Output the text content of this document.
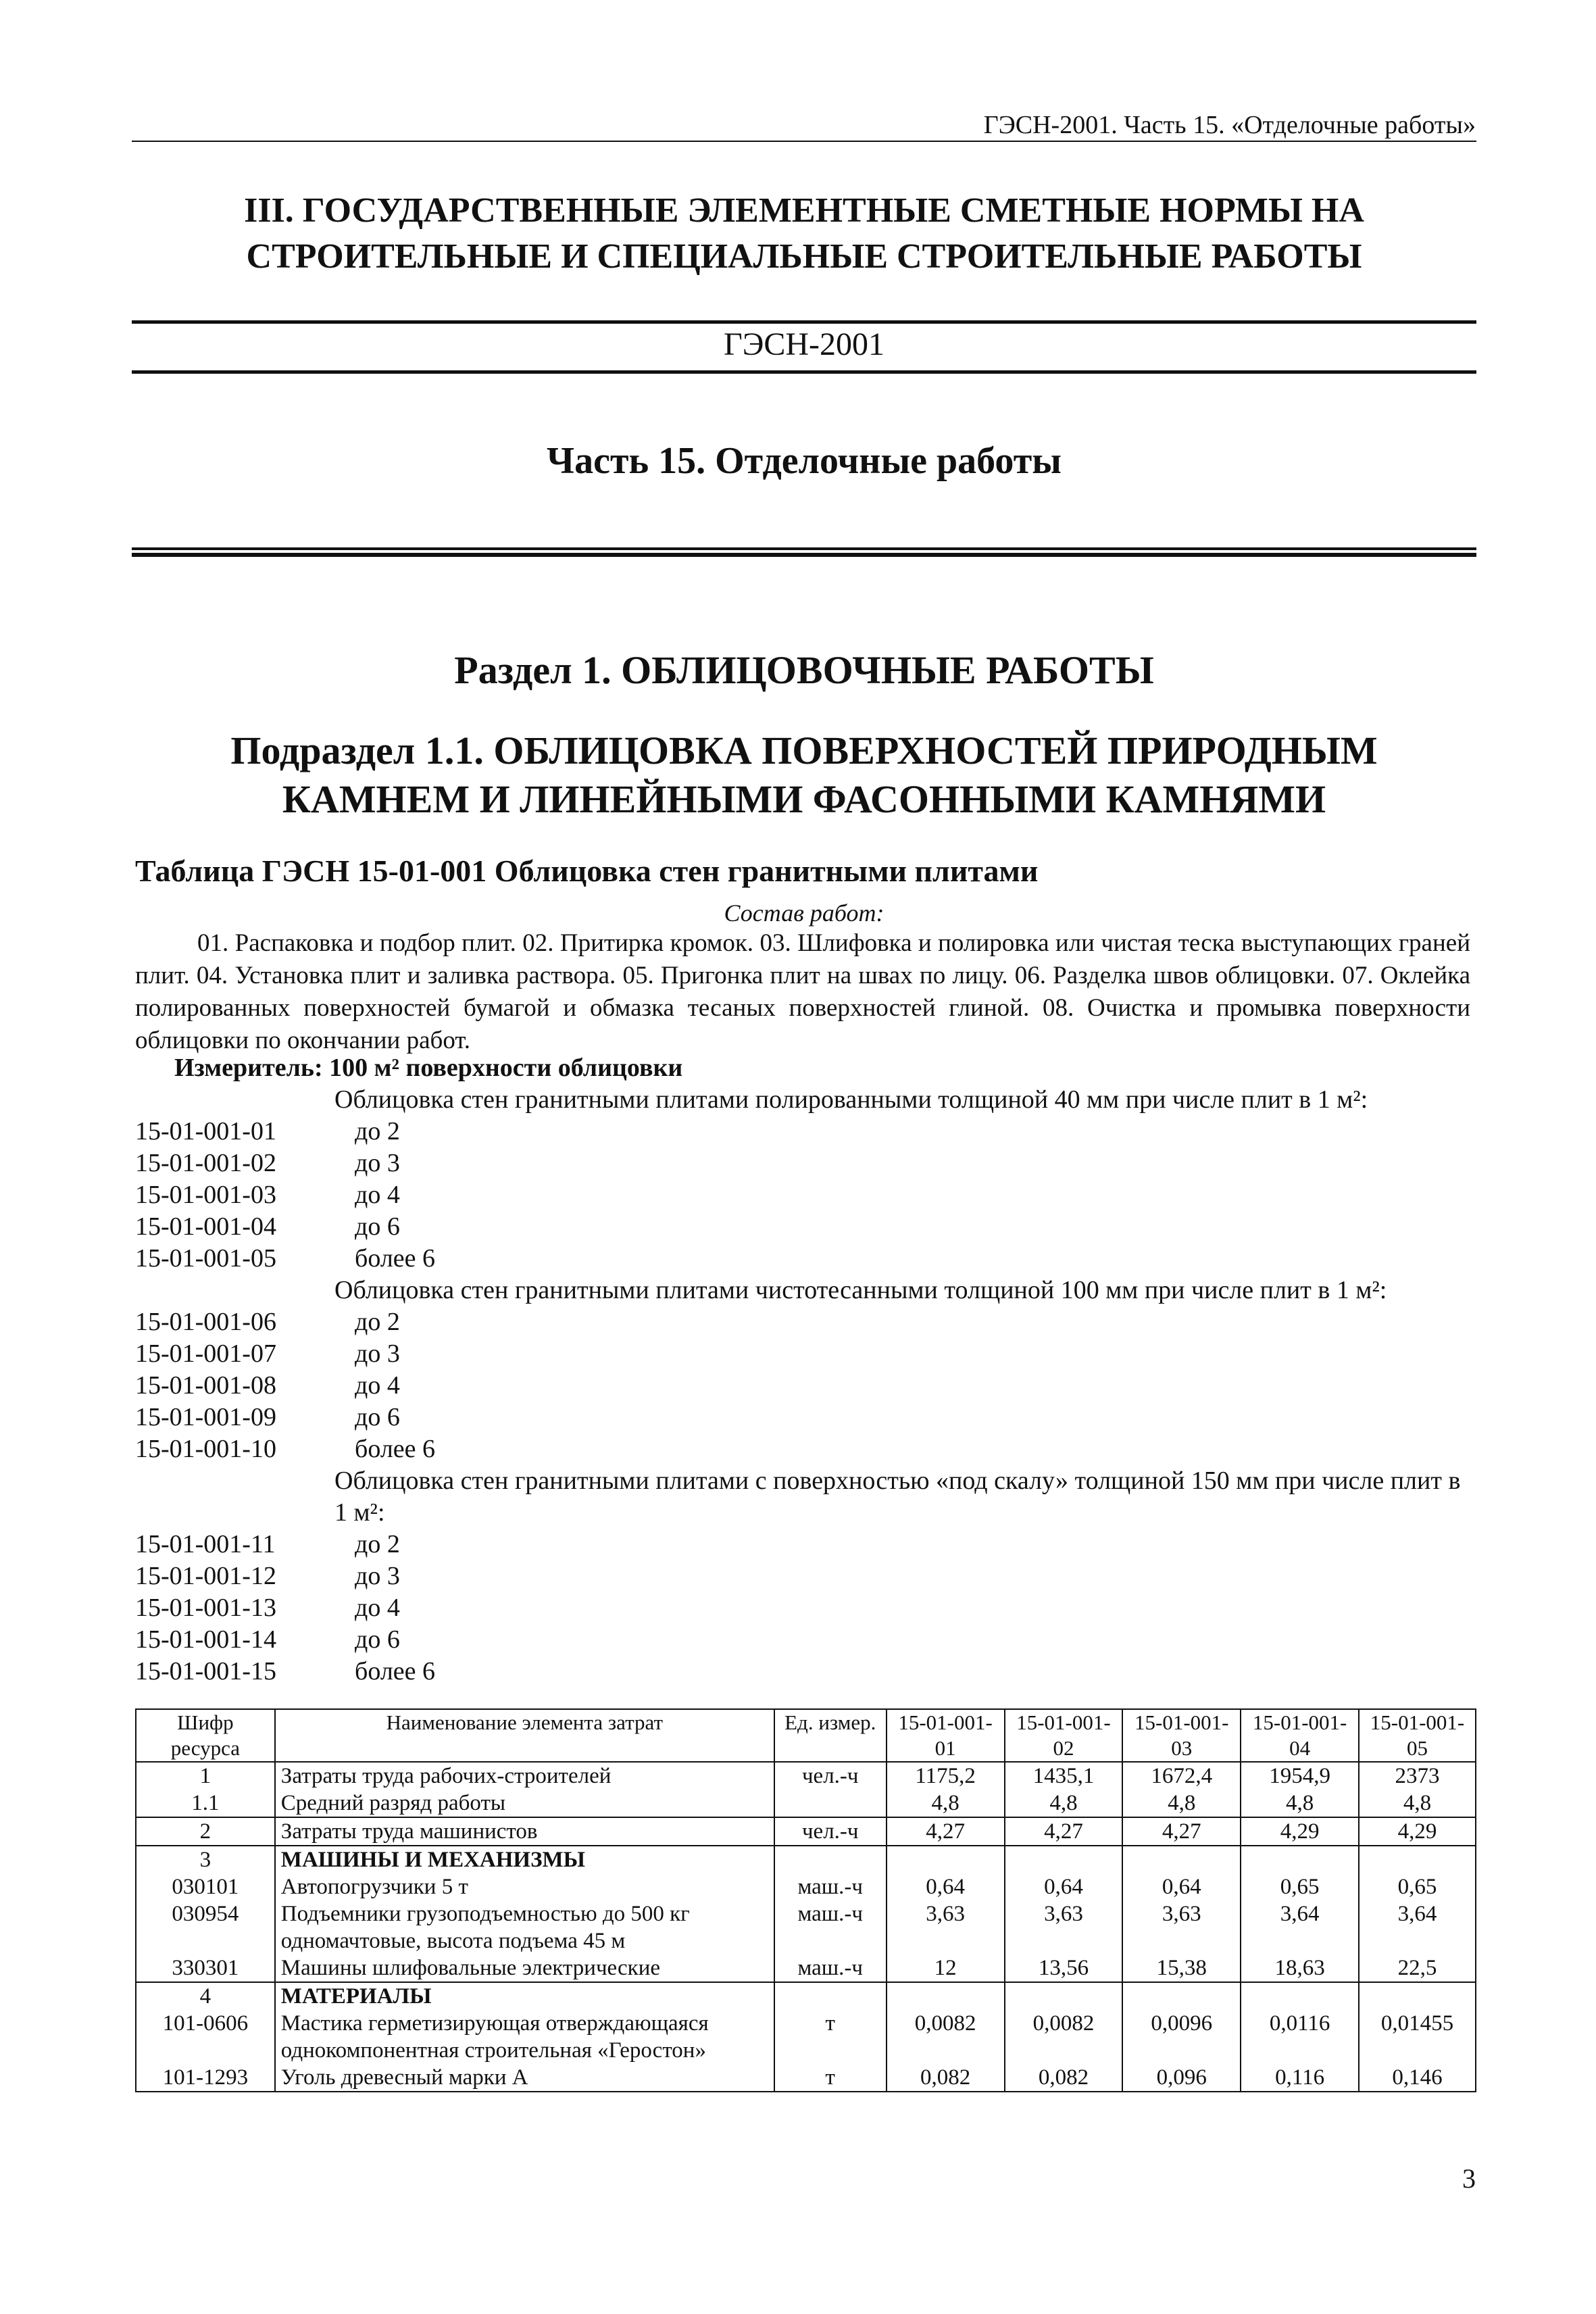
ГЭСН-2001. Часть 15. «Отделочные работы»
III. ГОСУДАРСТВЕННЫЕ ЭЛЕМЕНТНЫЕ СМЕТНЫЕ НОРМЫ НА
СТРОИТЕЛЬНЫЕ И СПЕЦИАЛЬНЫЕ СТРОИТЕЛЬНЫЕ РАБОТЫ
ГЭСН-2001
Часть 15. Отделочные работы
Раздел 1. ОБЛИЦОВОЧНЫЕ РАБОТЫ
Подраздел 1.1. ОБЛИЦОВКА ПОВЕРХНОСТЕЙ ПРИРОДНЫМ
КАМНЕМ И ЛИНЕЙНЫМИ ФАСОННЫМИ КАМНЯМИ
Таблица ГЭСН 15-01-001 Облицовка стен гранитными плитами
Состав работ:
01. Распаковка и подбор плит. 02. Притирка кромок. 03. Шлифовка и полировка или чистая теска выступающих граней плит. 04. Установка плит и заливка раствора. 05. Пригонка плит на швах по лицу. 06. Разделка швов облицовки. 07. Оклейка полированных поверхностей бумагой и обмазка тесаных поверхностей глиной. 08. Очистка и промывка поверхности облицовки по окончании работ.
Измеритель: 100 м² поверхности облицовки
Облицовка стен гранитными плитами полированными толщиной 40 мм при числе плит в 1 м²:
15-01-001-01	до 2
15-01-001-02	до 3
15-01-001-03	до 4
15-01-001-04	до 6
15-01-001-05	более 6
Облицовка стен гранитными плитами чистотесанными толщиной 100 мм при числе плит в 1 м²:
15-01-001-06	до 2
15-01-001-07	до 3
15-01-001-08	до 4
15-01-001-09	до 6
15-01-001-10	более 6
Облицовка стен гранитными плитами с поверхностью «под скалу» толщиной 150 мм при числе плит в 1 м²:
15-01-001-11	до 2
15-01-001-12	до 3
15-01-001-13	до 4
15-01-001-14	до 6
15-01-001-15	более 6
Шифр ресурса	Наименование элемента затрат	Ед. измер.	15-01-001-01	15-01-001-02	15-01-001-03	15-01-001-04	15-01-001-05
1	Затраты труда рабочих-строителей	чел.-ч	1175,2	1435,1	1672,4	1954,9	2373
1.1	Средний разряд работы		4,8	4,8	4,8	4,8	4,8
2	Затраты труда машинистов	чел.-ч	4,27	4,27	4,27	4,29	4,29
3	МАШИНЫ И МЕХАНИЗМЫ						
030101	Автопогрузчики 5 т	маш.-ч	0,64	0,64	0,64	0,65	0,65
030954	Подъемники грузоподъемностью до 500 кг одномачтовые, высота подъема 45 м	маш.-ч	3,63	3,63	3,63	3,64	3,64
330301	Машины шлифовальные электрические	маш.-ч	12	13,56	15,38	18,63	22,5
4	МАТЕРИАЛЫ						
101-0606	Мастика герметизирующая отверждающаяся однокомпонентная строительная «Геростон»	т	0,0082	0,0082	0,0096	0,0116	0,01455
101-1293	Уголь древесный марки А	т	0,082	0,082	0,096	0,116	0,146
3
